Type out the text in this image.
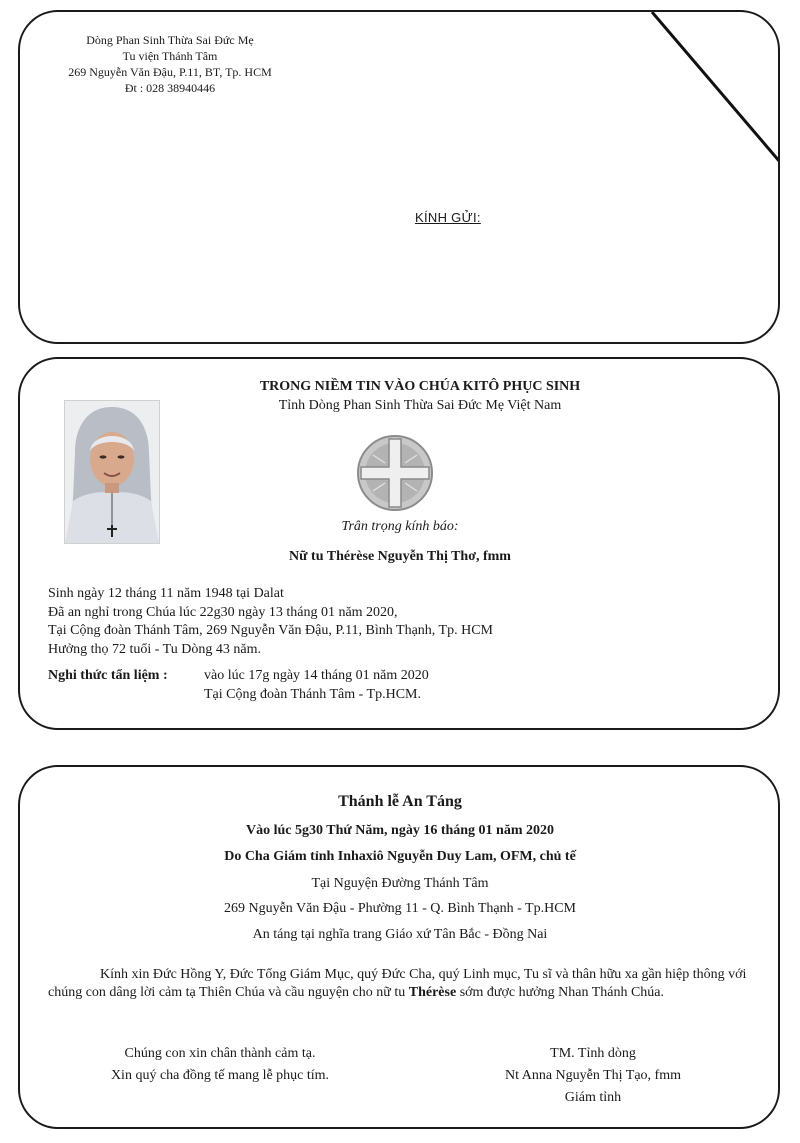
Dòng Phan Sinh Thừa Sai Đức Mẹ
Tu viện Thánh Tâm
269 Nguyễn Văn Đậu, P.11, BT, Tp. HCM
Đt : 028 38940446
KÍNH GỬI:
TRONG NIỀM TIN VÀO CHÚA KITÔ PHỤC SINH
Tỉnh Dòng Phan Sinh Thừa Sai Đức Mẹ Việt Nam
Trân trọng kính báo:
Nữ tu Thérèse Nguyễn Thị Thơ, fmm
Sinh ngày 12 tháng 11 năm 1948 tại Dalat
Đã an nghỉ trong Chúa lúc 22g30 ngày 13 tháng 01 năm 2020,
Tại Cộng đoàn Thánh Tâm, 269 Nguyễn Văn Đậu, P.11, Bình Thạnh, Tp. HCM
Hưởng thọ 72 tuổi - Tu Dòng 43 năm.
Nghi thức tẩn liệm :	vào lúc 17g ngày 14 tháng 01 năm 2020
Tại Cộng đoàn Thánh Tâm - Tp.HCM.
Thánh lễ An Táng
Vào lúc 5g30 Thứ Năm, ngày 16 tháng 01 năm 2020
Do Cha Giám tỉnh Inhaxiô Nguyễn Duy Lam, OFM, chủ tế
Tại Nguyện Đường Thánh Tâm
269 Nguyễn Văn Đậu - Phường 11 - Q. Bình Thạnh - Tp.HCM
An táng tại nghĩa trang Giáo xứ Tân Bắc - Đồng Nai
Kính xin Đức Hồng Y, Đức Tổng Giám Mục, quý Đức Cha, quý Linh mục, Tu sĩ và thân hữu xa gần hiệp thông với chúng con dâng lời cảm tạ Thiên Chúa và cầu nguyện cho nữ tu Thérèse sớm được hưởng Nhan Thánh Chúa.
Chúng con xin chân thành cảm tạ.
Xin quý cha đồng tế mang lễ phục tím.
TM. Tỉnh dòng
Nt Anna Nguyễn Thị Tạo, fmm
Giám tỉnh
